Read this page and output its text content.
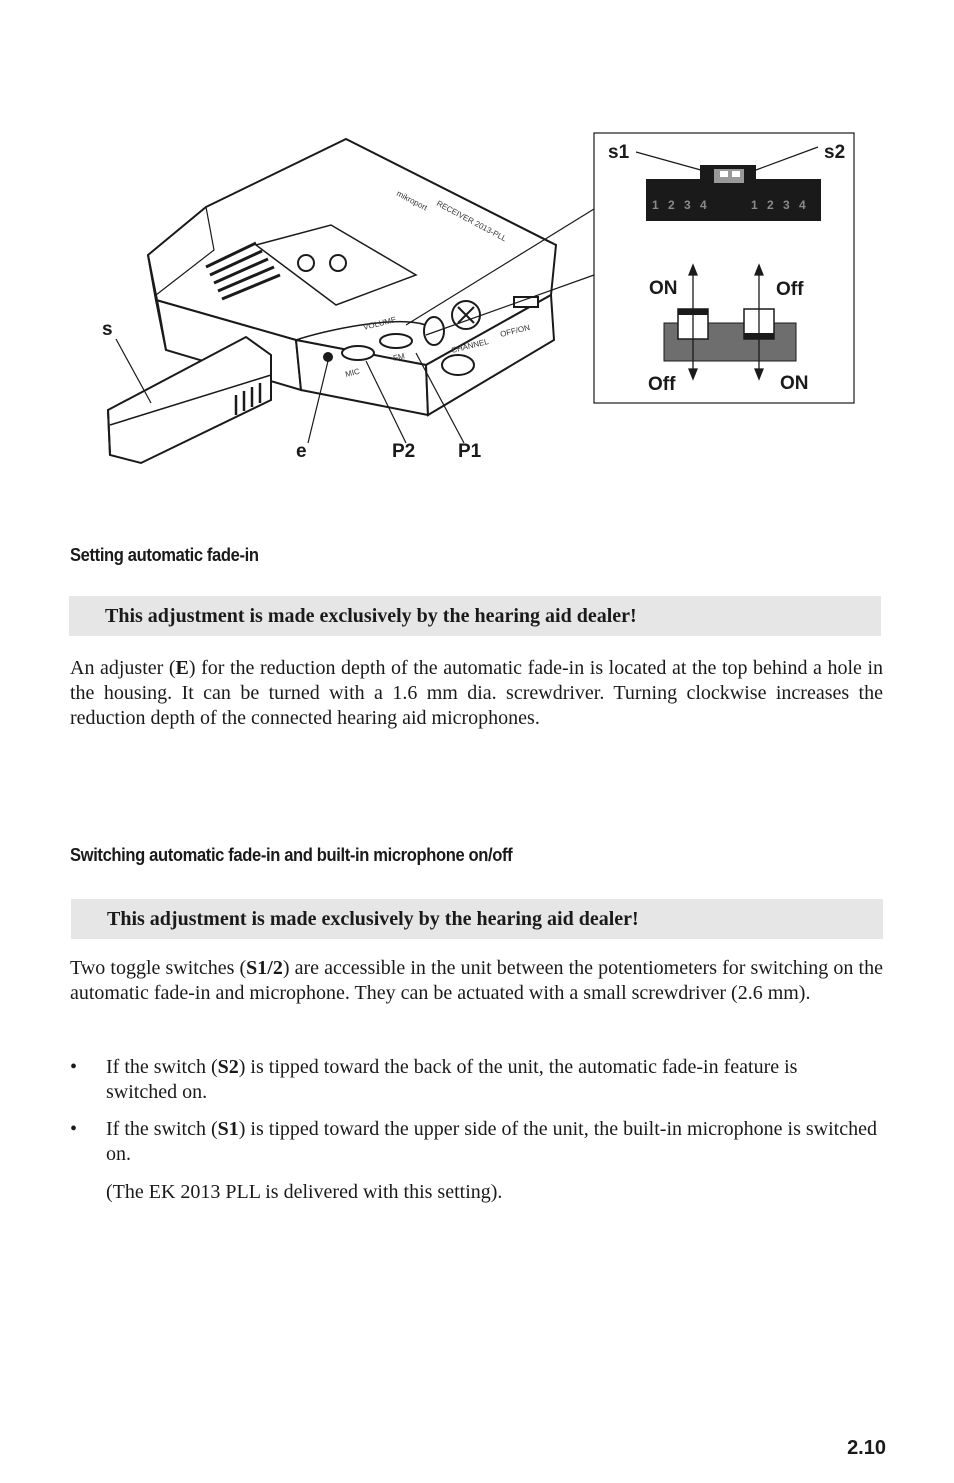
mikroport RECEIVER 2013-PLL
VOLUME
MIC
FM
CHANNEL
OFF/ON
s
e	P2 P1
s1	s2
1 2 3 4	1 2 3 4
ON	Off
Off	ON
Setting automatic fade-in
This adjustment is made exclusively by the hearing aid dealer!
An adjuster (E) for the reduction depth of the automatic fade-in is located at the top behind a hole in the housing. It can be turned with a 1.6 mm dia. screwdriver. Turning clockwise increases the reduction depth of the connected hearing aid microphones.
Switching automatic fade-in and built-in microphone on/off
This adjustment is made exclusively by the hearing aid dealer!
Two toggle switches (S1/2) are accessible in the unit between the potentiometers for switching on the automatic fade-in and microphone. They can be actuated with a small screwdriver (2.6 mm).
• If the switch (S2) is tipped toward the back of the unit, the automatic fade-in feature is switched on.
• If the switch (S1) is tipped toward the upper side of the unit, the built-in microphone is switched on.
(The EK 2013 PLL is delivered with this setting).
2.10
